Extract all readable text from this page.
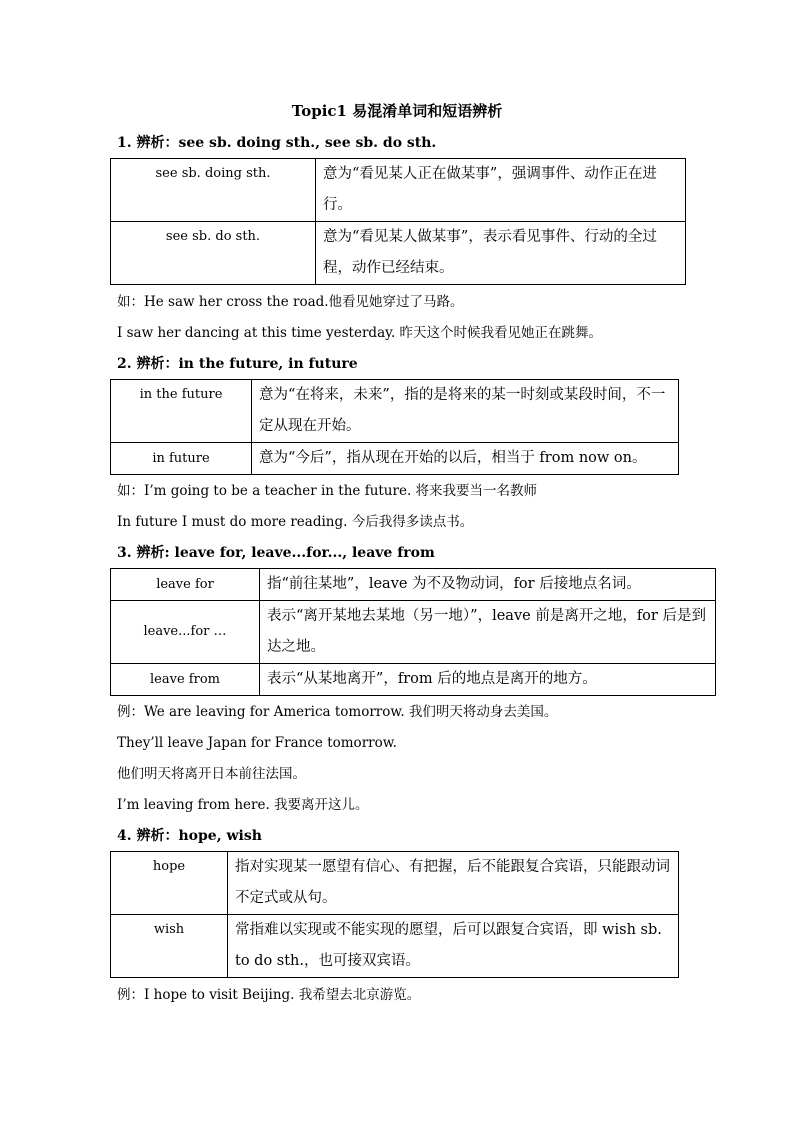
Topic1 易混淆单词和短语辨析
1. 辨析：see sb. doing sth., see sb. do sth.
see sb. doing sth.	意为“看见某人正在做某事”，强调事件、动作正在进行。
see sb. do sth.	意为“看见某人做某事”，表示看见事件、行动的全过程，动作已经结束。
如：He saw her cross the road.他看见她穿过了马路。
I saw her dancing at this time yesterday. 昨天这个时候我看见她正在跳舞。
2. 辨析：in the future, in future
in the future	意为“在将来，未来”，指的是将来的某一时刻或某段时间，不一定从现在开始。
in future	意为“今后”，指从现在开始的以后，相当于 from now on。
如：I’m going to be a teacher in the future. 将来我要当一名教师
In future I must do more reading. 今后我得多读点书。
3. 辨析: leave for, leave...for..., leave from
leave for	指“前往某地”，leave 为不及物动词，for 后接地点名词。
leave...for …	表示“离开某地去某地（另一地）”，leave 前是离开之地，for 后是到达之地。
leave from	表示“从某地离开”，from 后的地点是离开的地方。
例：We are leaving for America tomorrow. 我们明天将动身去美国。
They’ll leave Japan for France tomorrow.
他们明天将离开日本前往法国。
I’m leaving from here. 我要离开这儿。
4. 辨析：hope, wish
hope	指对实现某一愿望有信心、有把握，后不能跟复合宾语，只能跟动词不定式或从句。
wish	常指难以实现或不能实现的愿望，后可以跟复合宾语，即 wish sb. to do sth.，也可接双宾语。
例：I hope to visit Beijing. 我希望去北京游览。
